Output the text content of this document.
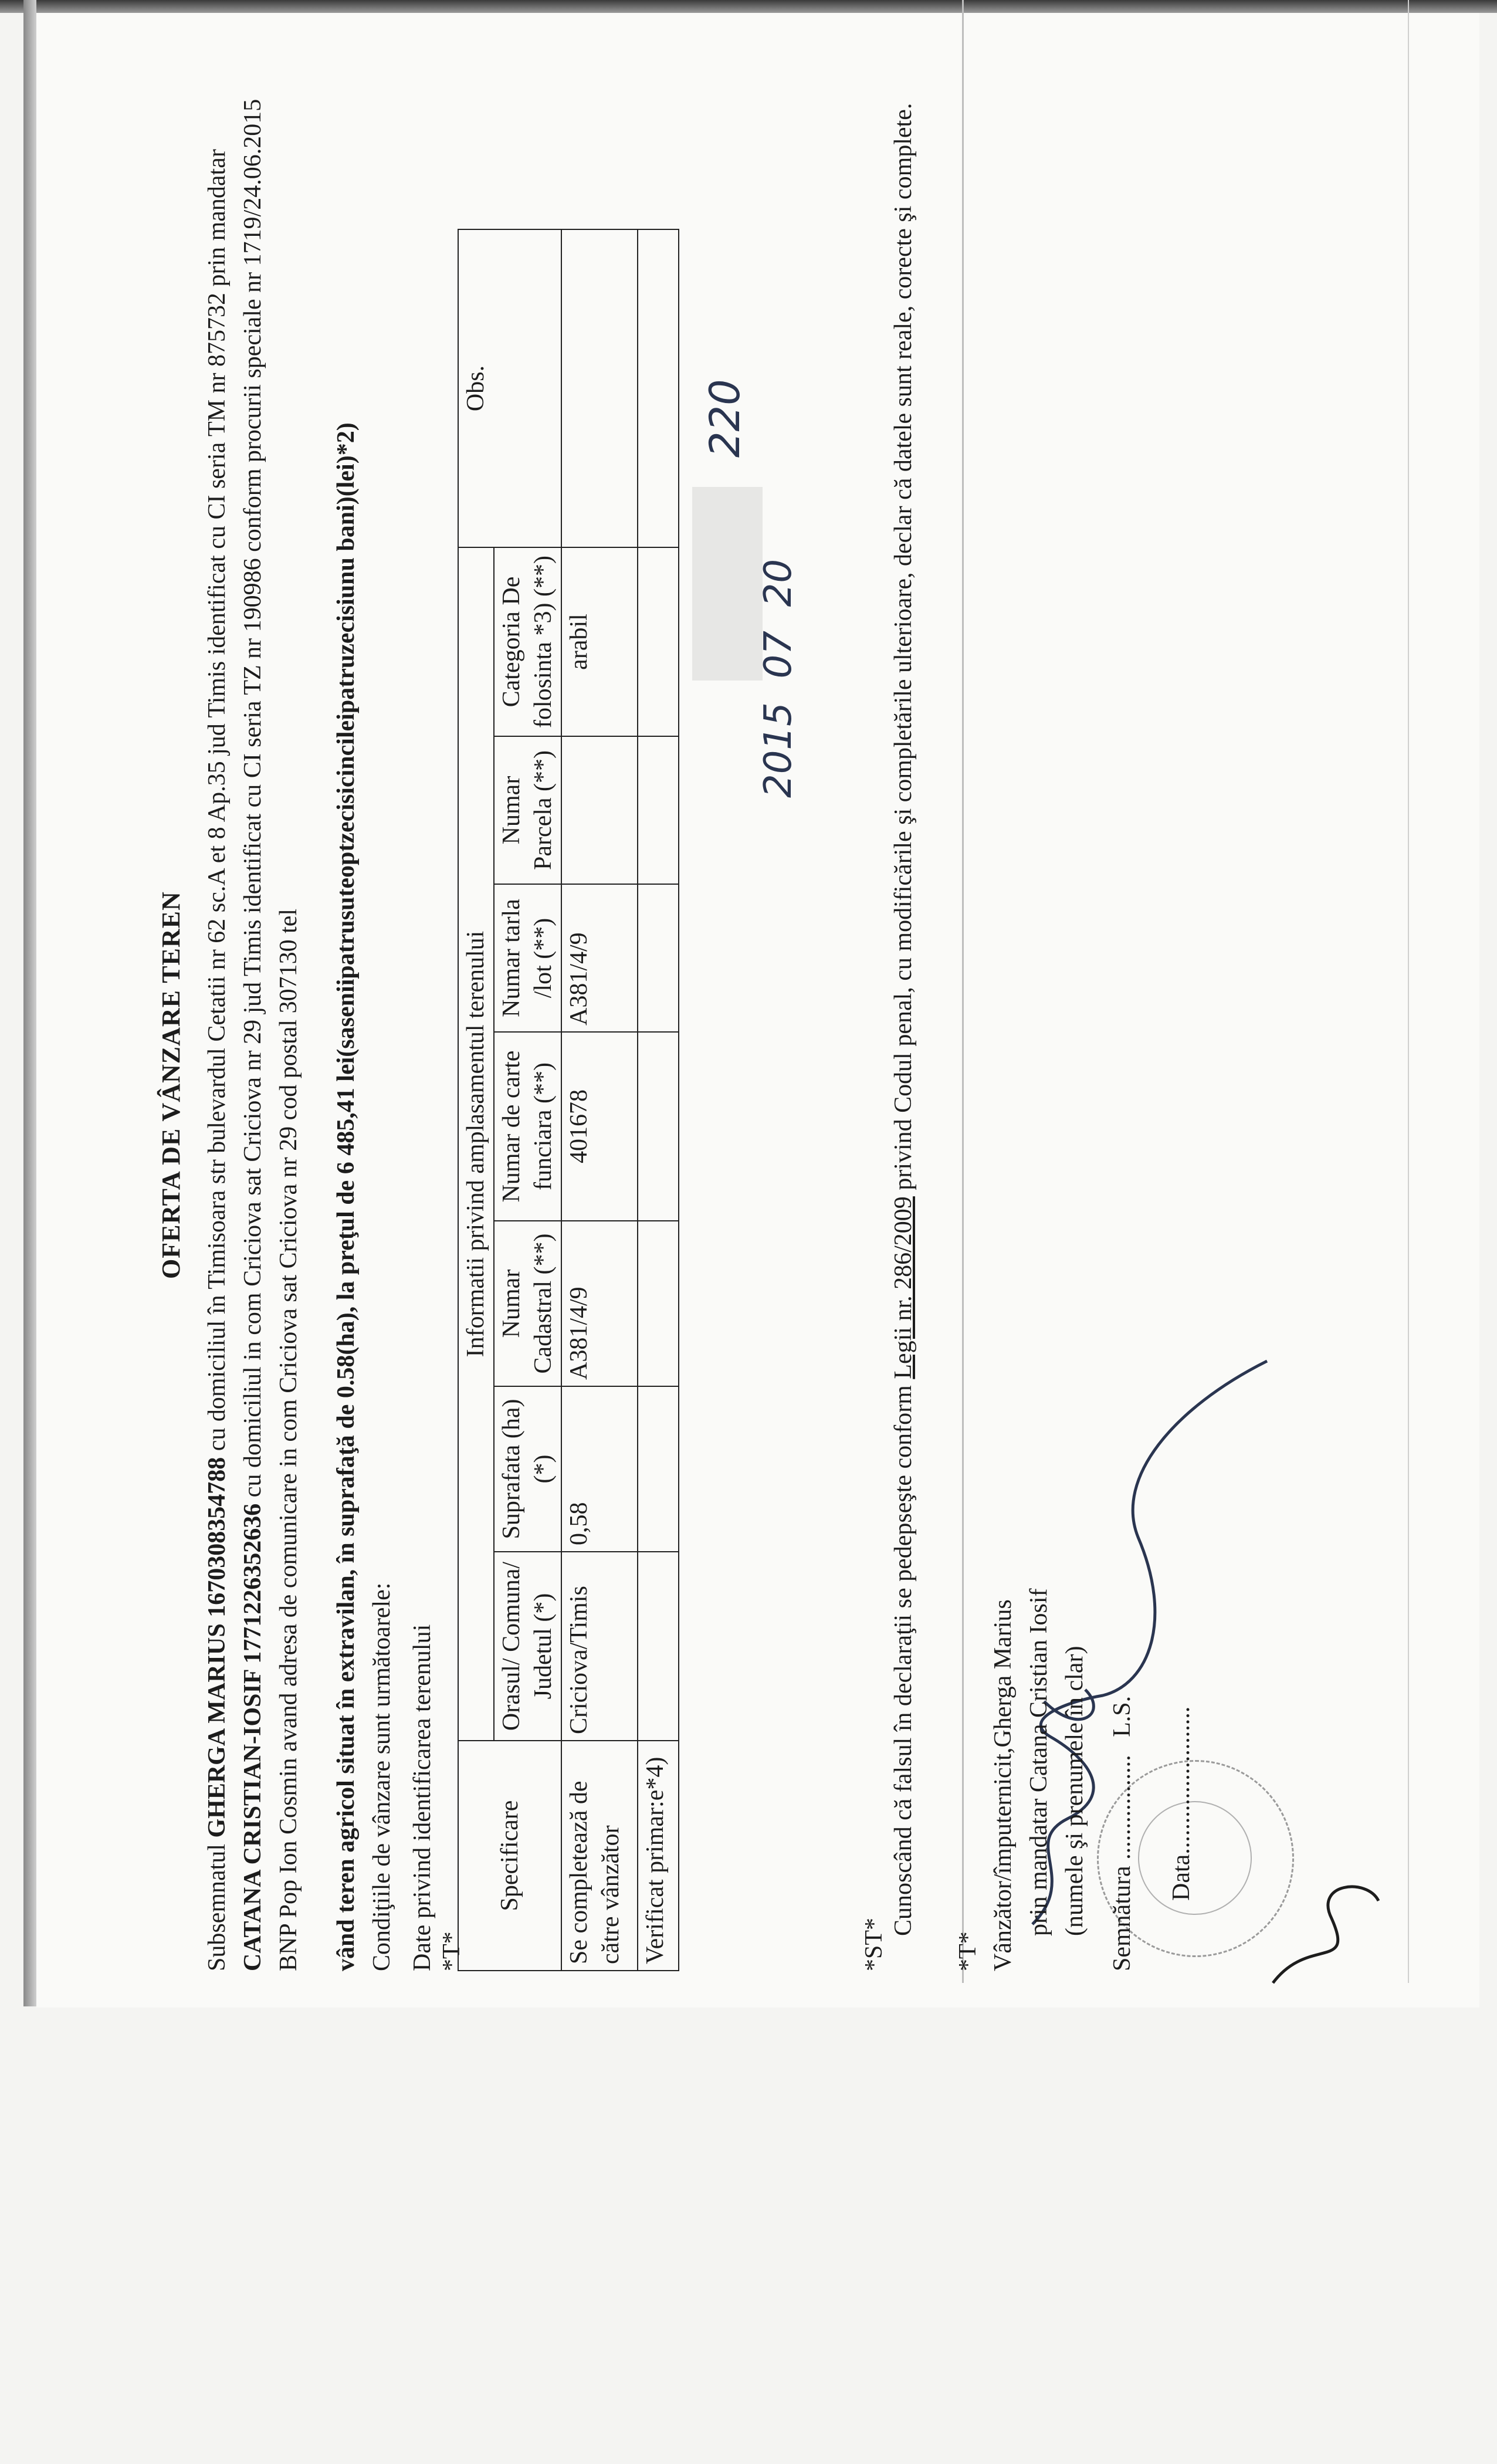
220
2015  07  20
OFERTA DE VÂNZARE TEREN

Subsemnatul GHERGA MARIUS 1670308354788 cu domiciliul în Timisoara str bulevardul Cetatii nr 62 sc.A et 8 Ap.35 jud Timis identificat cu CI seria TM nr 875732 prin mandatar CATANA CRISTIAN-IOSIF 1771226352636 cu domiciliul in com Criciova sat Criciova nr 29 jud Timis identificat cu CI seria TZ nr 190986 conform procurii speciale nr 1719/24.06.2015 BNP Pop Ion Cosmin avand adresa de comunicare in com Criciova sat Criciova nr 29 cod postal 307130 tel vând teren agricol situat în extravilan, în suprafaţă de 0.58(ha), la preţul de 6 485,41 lei(saseniipatrusuteoptzecisicincileipatruzecisiunu bani)(lei)*2) Condiţiile de vânzare sunt următoarele: Date privind identificarea terenului *T*
Specificare	Informatii privind amplasamentul terenului							Obs.
	Orasul/ Comuna/ Judetul (*)	Suprafata (ha) (*)	Numar Cadastral (**)	Numar de carte funciara (**)	Numar tarla /lot (**)	Numar Parcela (**)	Categoria De folosinta *3) (**)	
Se completează de către vânzător	Criciova/Timis	0,58	A381/4/9	401678	A381/4/9		arabil	
Verificat primar:e*4)									*ST*
Cunoscând că falsul în declaraţii se pedepseşte conform Legii nr. 286/2009 privind Codul penal, cu modificările şi completările ulterioare, declar că datele sunt reale, corecte şi complete.
*T* Vânzător/împuternicit,Gherga Marius prin mandatar Catana Cristian Iosif (numele şi prenumele în clar) Semnătura ................. L.S. Data........................
